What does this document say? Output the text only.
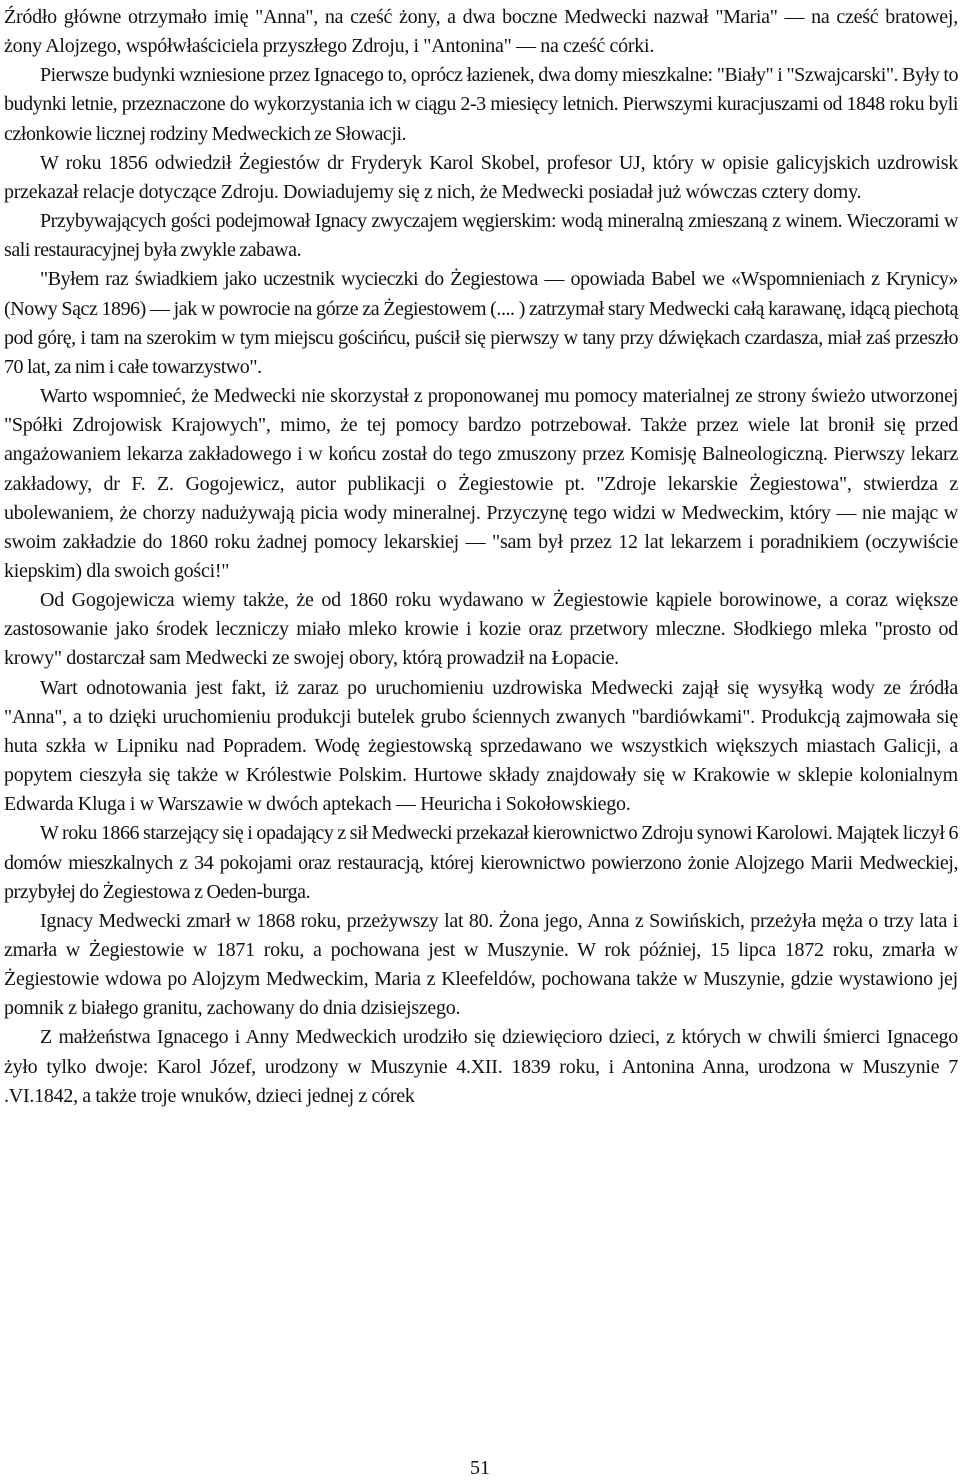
Źródło główne otrzymało imię "Anna", na cześć żony, a dwa boczne Medwecki nazwał "Maria" — na cześć bratowej, żony Alojzego, współwłaściciela przyszłego Zdroju, i "Antonina" — na cześć córki.

Pierwsze budynki wzniesione przez Ignacego to, oprócz łazienek, dwa domy mieszkalne: "Biały" i "Szwajcarski". Były to budynki letnie, przeznaczone do wykorzystania ich w ciągu 2-3 miesięcy letnich. Pierwszymi kuracjuszami od 1848 roku byli członkowie licznej rodziny Medweckich ze Słowacji.

W roku 1856 odwiedził Żegiestów dr Fryderyk Karol Skobel, profesor UJ, który w opisie galicyjskich uzdrowisk przekazał relacje dotyczące Zdroju. Dowiadujemy się z nich, że Medwecki posiadał już wówczas cztery domy.

Przybywających gości podejmował Ignacy zwyczajem węgierskim: wodą mineralną zmieszaną z winem. Wieczorami w sali restauracyjnej była zwykle zabawa.

"Byłem raz świadkiem jako uczestnik wycieczki do Żegiestowa — opowiada Babel we «Wspomnieniach z Krynicy» (Nowy Sącz 1896) — jak w powrocie na górze za Żegiestowem (.... ) zatrzymał stary Medwecki całą karawanę, idącą piechotą pod górę, i tam na szerokim w tym miejscu gościńcu, puścił się pierwszy w tany przy dźwiękach czardasza, miał zaś przeszło 70 lat, za nim i całe towarzystwo".

Warto wspomnieć, że Medwecki nie skorzystał z proponowanej mu pomocy materialnej ze strony świeżo utworzonej "Spółki Zdrojowisk Krajowych", mimo, że tej pomocy bardzo potrzebował. Także przez wiele lat bronił się przed angażowaniem lekarza zakładowego i w końcu został do tego zmuszony przez Komisję Balneologiczną. Pierwszy lekarz zakładowy, dr F. Z. Gogojewicz, autor publikacji o Żegiestowie pt. "Zdroje lekarskie Żegiestowa", stwierdza z ubolewaniem, że chorzy nadużywają picia wody mineralnej. Przyczynę tego widzi w Medweckim, który — nie mając w swoim zakładzie do 1860 roku żadnej pomocy lekarskiej — "sam był przez 12 lat lekarzem i poradnikiem (oczywiście kiepskim) dla swoich gości!"

Od Gogojewicza wiemy także, że od 1860 roku wydawano w Żegiestowie kąpiele borowinowe, a coraz większe zastosowanie jako środek leczniczy miało mleko krowie i kozie oraz przetwory mleczne. Słodkiego mleka "prosto od krowy" dostarczał sam Medwecki ze swojej obory, którą prowadził na Łopacie.

Wart odnotowania jest fakt, iż zaraz po uruchomieniu uzdrowiska Medwecki zajął się wysyłką wody ze źródła "Anna", a to dzięki uruchomieniu produkcji butelek grubo ściennych zwanych "bardiówkami". Produkcją zajmowała się huta szkła w Lipniku nad Popradem. Wodę żegiestowską sprzedawano we wszystkich większych miastach Galicji, a popytem cieszyła się także w Królestwie Polskim. Hurtowe składy znajdowały się w Krakowie w sklepie kolonialnym Edwarda Kluga i w Warszawie w dwóch aptekach — Heuricha i Sokołowskiego.

W roku 1866 starzejący się i opadający z sił Medwecki przekazał kierownictwo Zdroju synowi Karolowi. Majątek liczył 6 domów mieszkalnych z 34 pokojami oraz restauracją, której kierownictwo powierzono żonie Alojzego Marii Medweckiej, przybyłej do Żegiestowa z Oeden-burga.

Ignacy Medwecki zmarł w 1868 roku, przeżywszy lat 80. Żona jego, Anna z Sowińskich, przeżyła męża o trzy lata i zmarła w Żegiestowie w 1871 roku, a pochowana jest w Muszynie. W rok później, 15 lipca 1872 roku, zmarła w Żegiestowie wdowa po Alojzym Medweckim, Maria z Kleefeldów, pochowana także w Muszynie, gdzie wystawiono jej pomnik z białego granitu, zachowany do dnia dzisiejszego.

Z małżeństwa Ignacego i Anny Medweckich urodziło się dziewięcioro dzieci, z których w chwili śmierci Ignacego żyło tylko dwoje: Karol Józef, urodzony w Muszynie 4.XII. 1839 roku, i Antonina Anna, urodzona w Muszynie 7 .VI.1842, a także troje wnuków, dzieci jednej z córek

51
